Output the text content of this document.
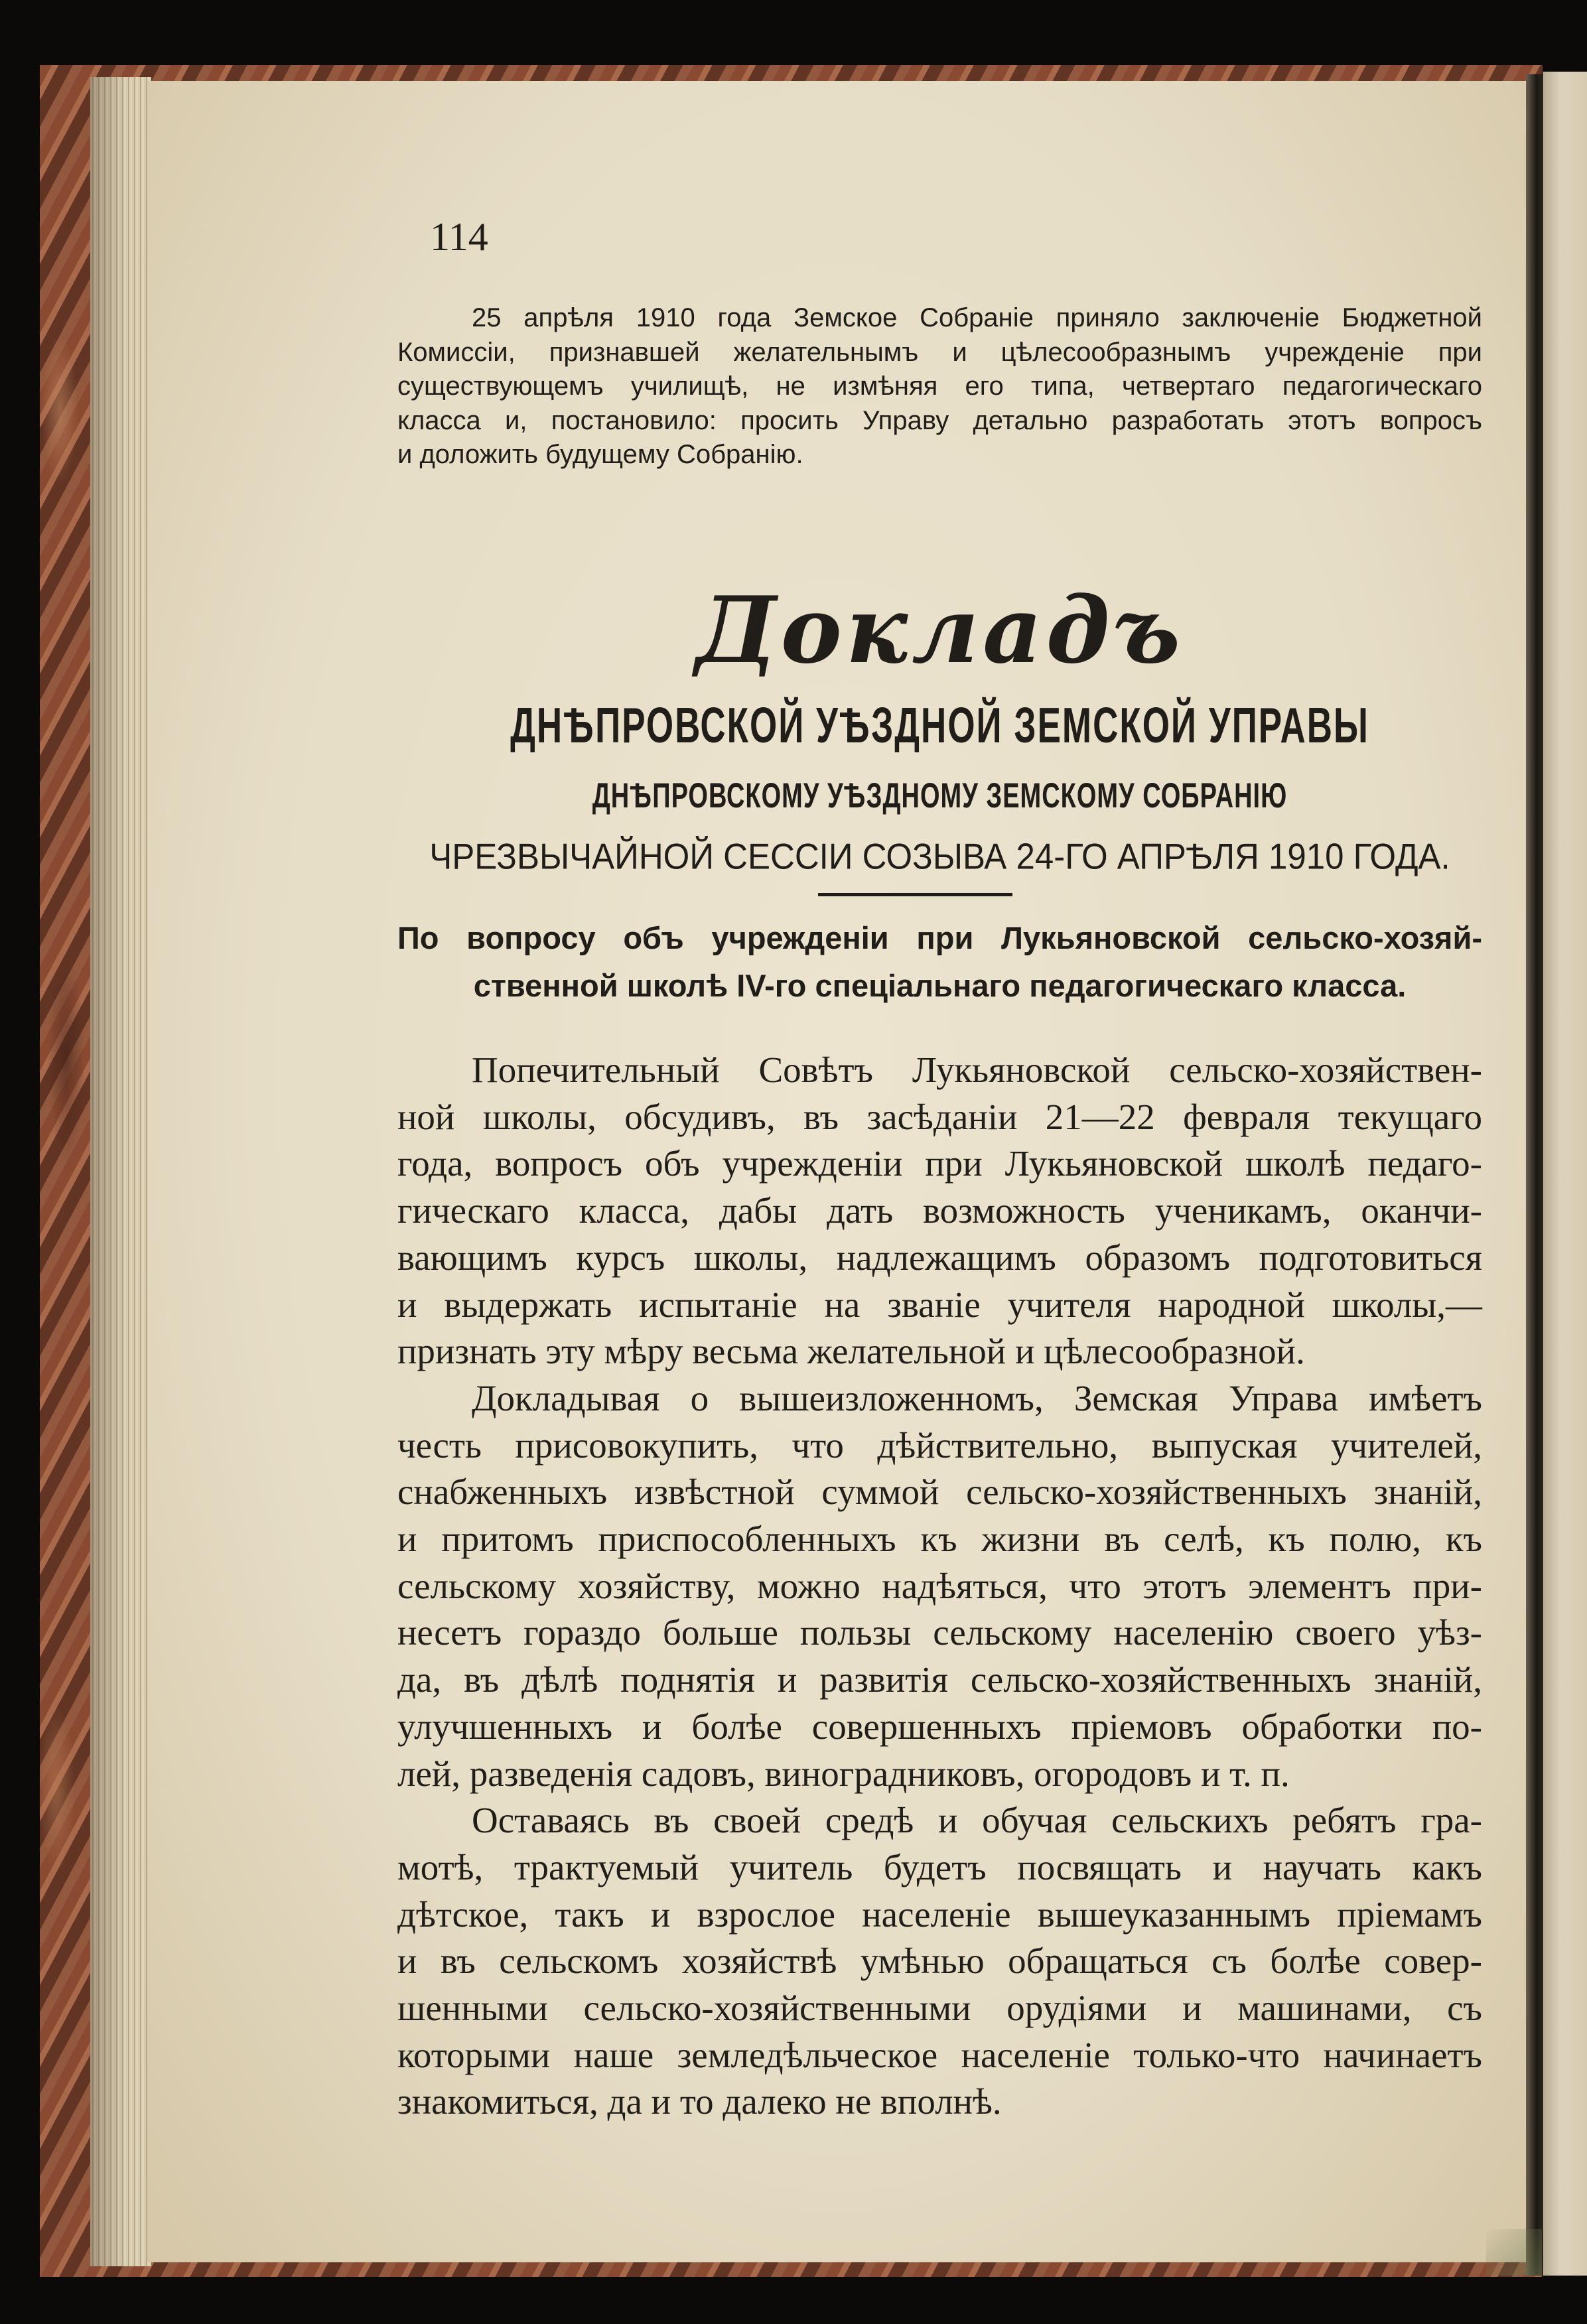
114
25 апрѣля 1910 года Земское Собраніе приняло заключеніе Бюджетной
Комиссіи, признавшей желательнымъ и цѣлесообразнымъ учрежденіе при
существующемъ училищѣ, не измѣняя его типа, четвертаго педагогическаго
класса и, постановило: просить Управу детально разработать этотъ вопросъ
и доложить будущему Собранію.
Докладъ
ДНѢПРОВСКОЙ УѢЗДНОЙ ЗЕМСКОЙ УПРАВЫ
ДНѢПРОВСКОМУ УѢЗДНОМУ ЗЕМСКОМУ СОБРАНІЮ
ЧРЕЗВЫЧАЙНОЙ СЕССІИ СОЗЫВА 24-ГО АПРѢЛЯ 1910 ГОДА.
По вопросу объ учрежденіи при Лукьяновской сельско-хозяй-
ственной школѣ IV-го спеціальнаго педагогическаго класса.
Попечительный Совѣтъ Лукьяновской сельско-хозяйствен-
ной школы, обсудивъ, въ засѣданіи 21—22 февраля текущаго
года, вопросъ объ учрежденіи при Лукьяновской школѣ педаго-
гическаго класса, дабы дать возможность ученикамъ, оканчи-
вающимъ курсъ школы, надлежащимъ образомъ подготовиться
и выдержать испытаніе на званіе учителя народной школы,—
признать эту мѣру весьма желательной и цѣлесообразной.
Докладывая о вышеизложенномъ, Земская Управа имѣетъ
честь присовокупить, что дѣйствительно, выпуская учителей,
снабженныхъ извѣстной суммой сельско-хозяйственныхъ знаній,
и притомъ приспособленныхъ къ жизни въ селѣ, къ полю, къ
сельскому хозяйству, можно надѣяться, что этотъ элементъ при-
несетъ гораздо больше пользы сельскому населенію своего уѣз-
да, въ дѣлѣ поднятія и развитія сельско-хозяйственныхъ знаній,
улучшенныхъ и болѣе совершенныхъ пріемовъ обработки по-
лей, разведенія садовъ, виноградниковъ, огородовъ и т. п.
Оставаясь въ своей средѣ и обучая сельскихъ ребятъ гра-
мотѣ, трактуемый учитель будетъ посвящать и научать какъ
дѣтское, такъ и взрослое населеніе вышеуказаннымъ пріемамъ
и въ сельскомъ хозяйствѣ умѣнью обращаться съ болѣе совер-
шенными сельско-хозяйственными орудіями и машинами, съ
которыми наше земледѣльческое населеніе только-что начинаетъ
знакомиться, да и то далеко не вполнѣ.
